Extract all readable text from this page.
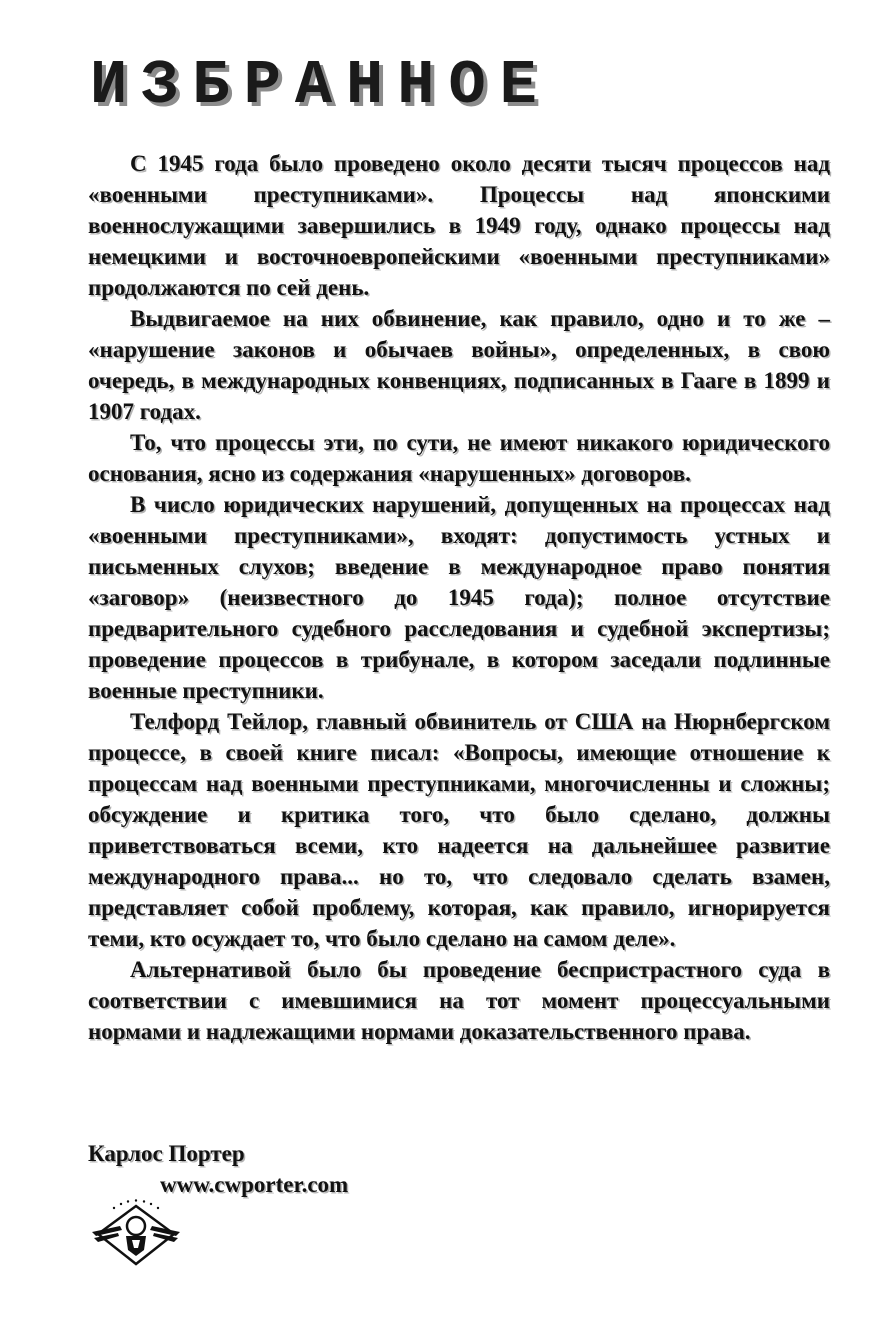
ИЗБРАННОЕ

С 1945 года было проведено около десяти тысяч процессов над «военными преступниками». Процессы над японскими военнослужащими завершились в 1949 году, однако процессы над немецкими и восточноевропейскими «военными преступниками» продолжаются по сей день.

Выдвигаемое на них обвинение, как правило, одно и то же – «нарушение законов и обычаев войны», определенных, в свою очередь, в международных конвенциях, подписанных в Гааге в 1899 и 1907 годах.

То, что процессы эти, по сути, не имеют никакого юридического основания, ясно из содержания «нарушенных» договоров.

В число юридических нарушений, допущенных на процессах над «военными преступниками», входят: допустимость устных и письменных слухов; введение в международное право понятия «заговор» (неизвестного до 1945 года); полное отсутствие предварительного судебного расследования и судебной экспертизы; проведение процессов в трибунале, в котором заседали подлинные военные преступники.

Телфорд Тейлор, главный обвинитель от США на Нюрнбергском процессе, в своей книге писал: «Вопросы, имеющие отношение к процессам над военными преступниками, многочисленны и сложны; обсуждение и критика того, что было сделано, должны приветствоваться всеми, кто надеется на дальнейшее развитие международного права... но то, что следовало сделать взамен, представляет собой проблему, которая, как правило, игнорируется теми, кто осуждает то, что было сделано на самом деле».

Альтернативой было бы проведение беспристрастного суда в соответствии с имевшимися на тот момент процессуальными нормами и надлежащими нормами доказательственного права.

Карлос Портер
www.cwporter.com
